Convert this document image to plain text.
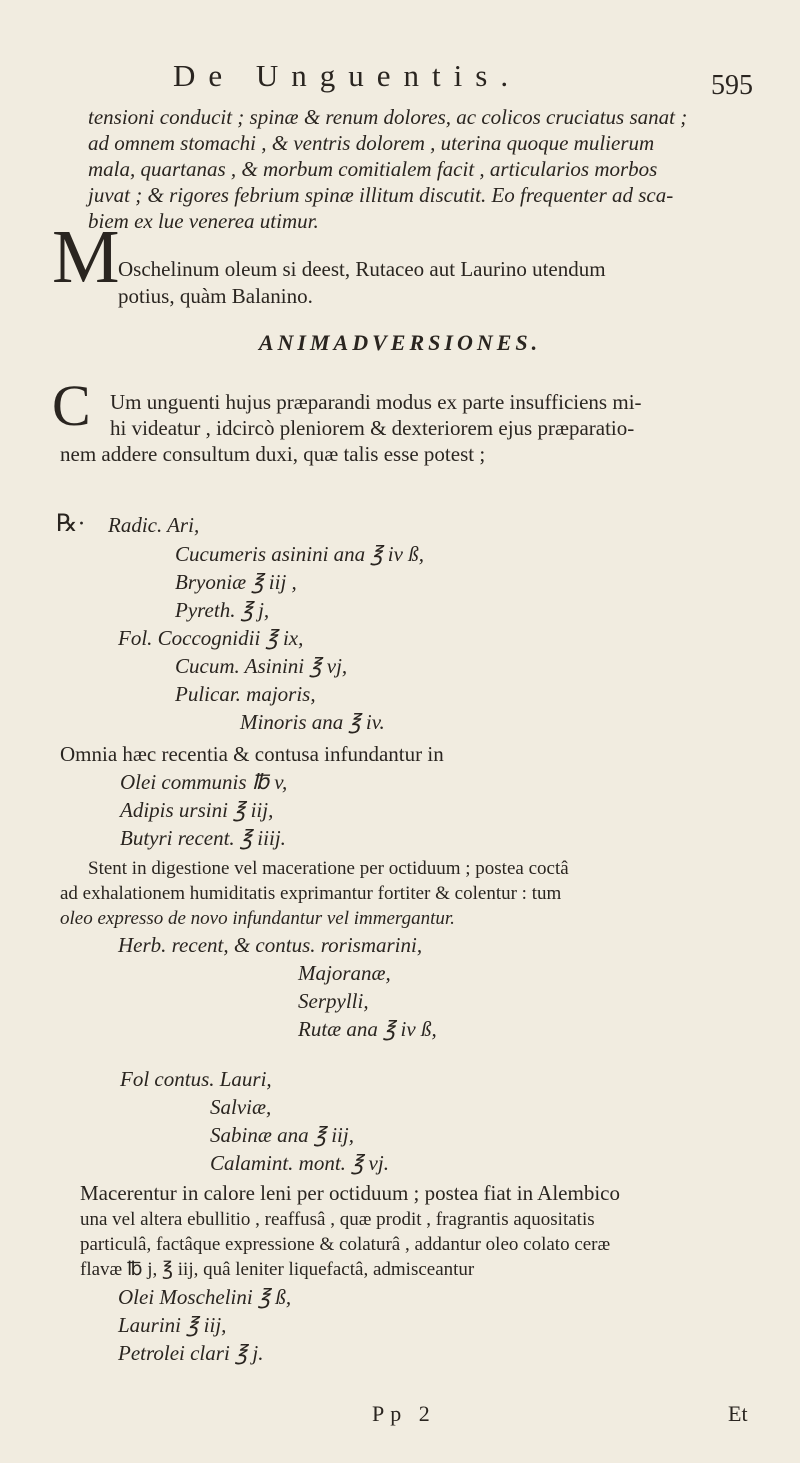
De Unguentis.	595
tensioni conducit ; spinæ & renum dolores, ac colicos cruciatus sanat ;
ad omnem stomachi , & ventris dolorem , uterina quoque mulierum
mala, quartanas , & morbum comitialem facit , articularios morbos
juvat ; & rigores febrium spinæ illitum discutit. Eo frequenter ad sca-
biem ex lue venerea utimur.
M
Oschelinum oleum si deest, Rutaceo aut Laurino utendum
potius, quàm Balanino.
ANIMADVERSIONES.
C Um unguenti hujus præparandi modus ex parte insufficiens mi-
hi videatur , idcircò pleniorem & dexteriorem ejus præparatio-
nem addere consultum duxi, quæ talis esse potest ;
℞· Radic. Ari,
Cucumeris asinini ana ℥ iv ß,
Bryoniæ ℥ iij ,
Pyreth. ℥ j,
Fol. Coccognidii ℥ ix,
Cucum. Asinini ℥ vj,
Pulicar. majoris,
Minoris ana ℥ iv.
Omnia hæc recentia & contusa infundantur in
Olei communis ℔ v,
Adipis ursini ℥ iij,
Butyri recent. ℥ iiij.
Stent in digestione vel maceratione per octiduum ; postea coctâ
ad exhalationem humiditatis exprimantur fortiter & colentur : tum
oleo expresso de novo infundantur vel immergantur.
Herb. recent, & contus. rorismarini,
Majoranæ,
Serpylli,
Rutæ ana ℥ iv ß,
Fol contus. Lauri,
Salviæ,
Sabinæ ana ℥ iij,
Calamint. mont. ℥ vj.
Macerentur in calore leni per octiduum ; postea fiat in Alembico
una vel altera ebullitio , reaffusâ , quæ prodit , fragrantis aquositatis
particulâ, factâque expressione & colaturâ , addantur oleo colato ceræ
flavæ ℔ j, ℥ iij, quâ leniter liquefactâ, admisceantur
Olei Moschelini ℥ ß,
Laurini ℥ iij,
Petrolei clari ℥ j.
Pp 2	Et
